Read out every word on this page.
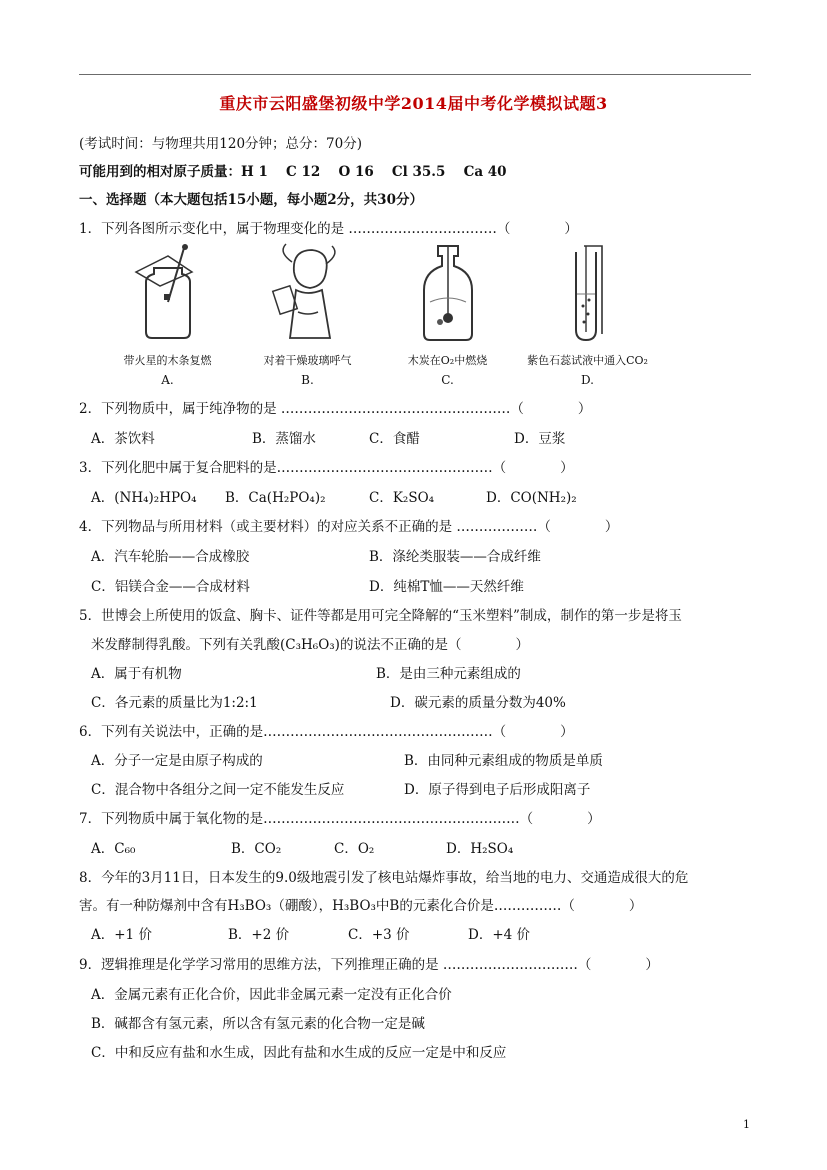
重庆市云阳盛堡初级中学2014届中考化学模拟试题3
(考试时间：与物理共用120分钟；总分：70分)
可能用到的相对原子质量：H 1　 C 12　 O 16　 Cl 35.5　 Ca 40
一、选择题（本大题包括15小题，每小题2分，共30分）
1．下列各图所示变化中，属于物理变化的是 ……………………………（　　　　）
带火星的木条复燃
A.
对着干燥玻璃呼气
B.
木炭在O₂中燃烧
C.
紫色石蕊试液中通入CO₂
D.
2．下列物质中，属于纯净物的是 ……………………………………………（　　　　）
A．茶饮料	B．蒸馏水	C．食醋	D．豆浆
3．下列化肥中属于复合肥料的是…………………………………………（　　　　）
A．(NH₄)₂HPO₄ B．Ca(H₂PO₄)₂	C．K₂SO₄	D．CO(NH₂)₂
4．下列物品与所用材料（或主要材料）的对应关系不正确的是 ………………（　　　　）
A．汽车轮胎——合成橡胶	B．涤纶类服装——合成纤维
C．铝镁合金——合成材料	D．纯棉T恤——天然纤维
5．世博会上所使用的饭盒、胸卡、证件等都是用可完全降解的“玉米塑料”制成，制作的第一步是将玉
米发酵制得乳酸。下列有关乳酸(C₃H₆O₃)的说法不正确的是（　　　　）
A．属于有机物	B．是由三种元素组成的
C．各元素的质量比为1:2:1	D．碳元素的质量分数为40%
6．下列有关说法中，正确的是……………………………………………（　　　　）
A．分子一定是由原子构成的	B．由同种元素组成的物质是单质
C．混合物中各组分之间一定不能发生反应	D．原子得到电子后形成阳离子
7．下列物质中属于氧化物的是…………………………………………………（　　　　）
A．C₆₀	B．CO₂	C．O₂	D．H₂SO₄
8．今年的3月11日，日本发生的9.0级地震引发了核电站爆炸事故，给当地的电力、交通造成很大的危
害。有一种防爆剂中含有H₃BO₃（硼酸），H₃BO₃中B的元素化合价是……………（　　　　）
A．+1 价	B．+2 价	C．+3 价	D．+4 价
9．逻辑推理是化学学习常用的思维方法，下列推理正确的是 …………………………（　　　　）
A．金属元素有正化合价，因此非金属元素一定没有正化合价
B．碱都含有氢元素，所以含有氢元素的化合物一定是碱
C．中和反应有盐和水生成，因此有盐和水生成的反应一定是中和反应
1
